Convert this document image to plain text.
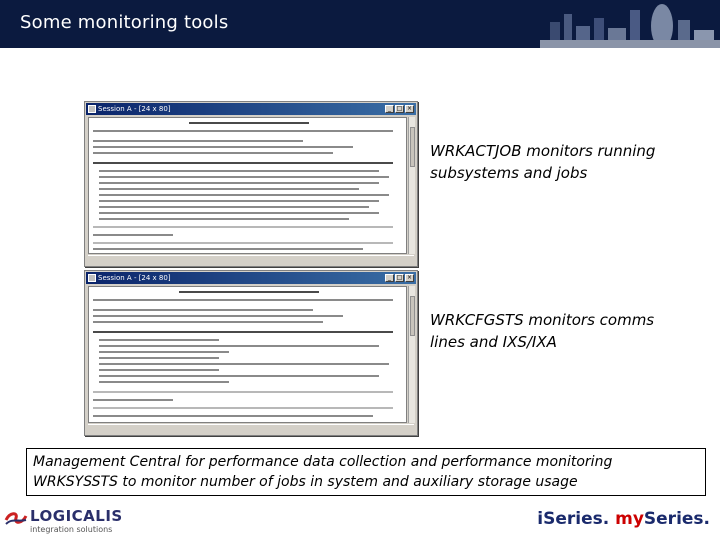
Some monitoring tools
Session A - [24 x 80]	_ □ ×
Session A - [24 x 80]	_ □ ×
WRKACTJOB monitors running subsystems and jobs
WRKCFGSTS monitors comms lines and IXS/IXA
Management Central for performance data collection and performance monitoring
WRKSYSSTS to monitor number of jobs in system and auxiliary storage usage
LOGICALIS
integration solutions
iSeries. mySeries.
